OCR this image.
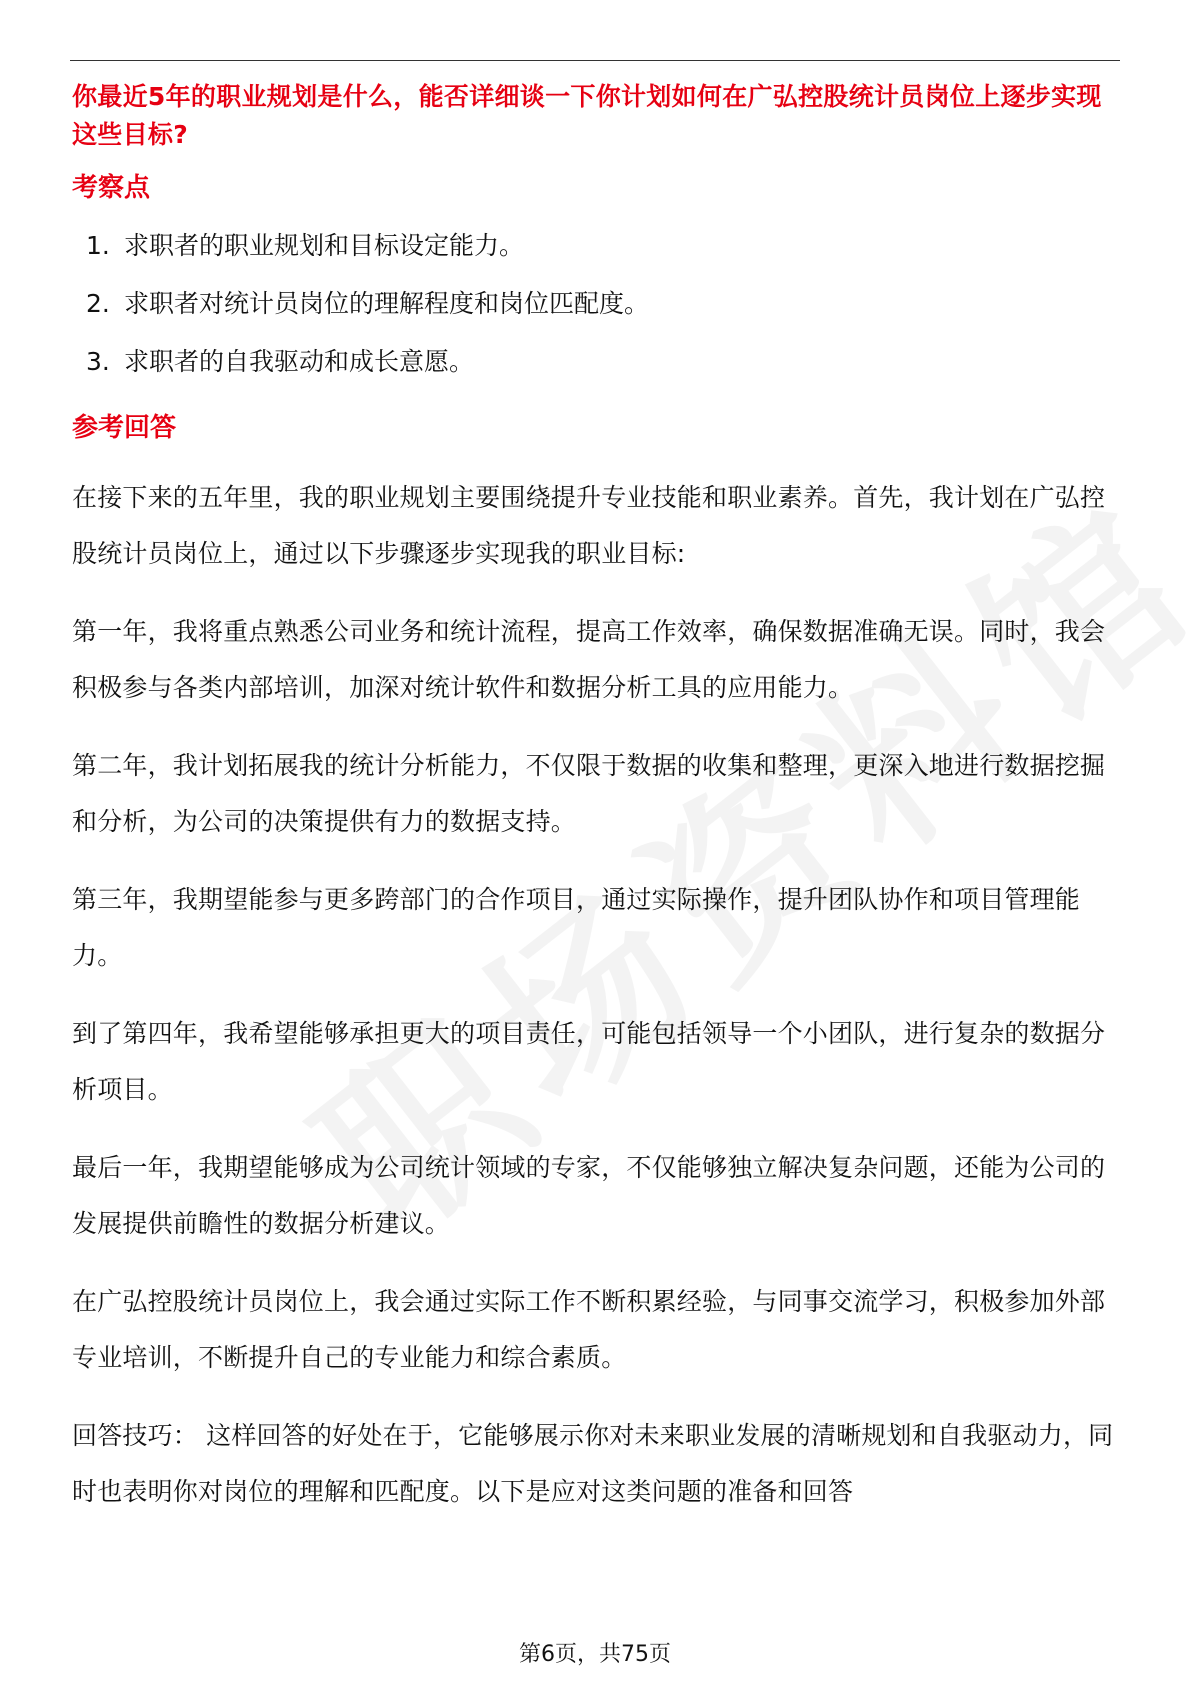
你最近5年的职业规划是什么，能否详细谈一下你计划如何在广弘控股统计员岗位上逐步实现这些目标?
考察点
1. 求职者的职业规划和目标设定能力。
2. 求职者对统计员岗位的理解程度和岗位匹配度。
3. 求职者的自我驱动和成长意愿。
参考回答

在接下来的五年里，我的职业规划主要围绕提升专业技能和职业素养。首先，我计划在广弘控股统计员岗位上，通过以下步骤逐步实现我的职业目标:

第一年，我将重点熟悉公司业务和统计流程，提高工作效率，确保数据准确无误。同时，我会积极参与各类内部培训，加深对统计软件和数据分析工具的应用能力。

第二年，我计划拓展我的统计分析能力，不仅限于数据的收集和整理，更深入地进行数据挖掘和分析，为公司的决策提供有力的数据支持。

第三年，我期望能参与更多跨部门的合作项目，通过实际操作，提升团队协作和项目管理能力。

到了第四年，我希望能够承担更大的项目责任，可能包括领导一个小团队，进行复杂的数据分析项目。

最后一年，我期望能够成为公司统计领域的专家，不仅能够独立解决复杂问题，还能为公司的发展提供前瞻性的数据分析建议。

在广弘控股统计员岗位上，我会通过实际工作不断积累经验，与同事交流学习，积极参加外部专业培训，不断提升自己的专业能力和综合素质。

回答技巧： 这样回答的好处在于，它能够展示你对未来职业发展的清晰规划和自我驱动力，同时也表明你对岗位的理解和匹配度。以下是应对这类问题的准备和回答

第6页，共75页
